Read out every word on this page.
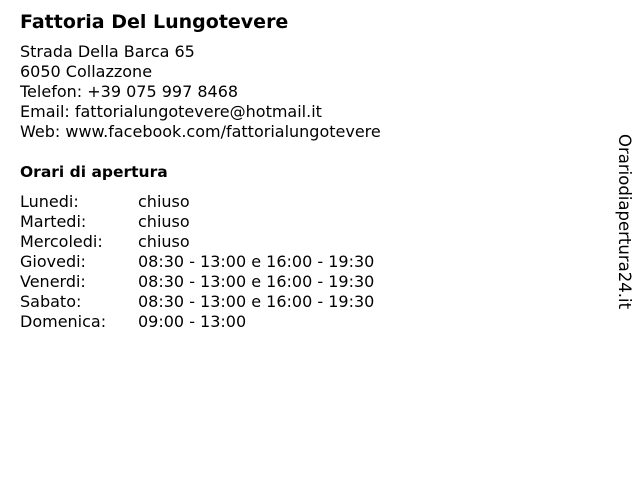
Fattoria Del Lungotevere
Strada Della Barca 65
6050 Collazzone
Telefon: +39 075 997 8468
Email: fattorialungotevere@hotmail.it
Web: www.facebook.com/fattorialungotevere
Orari di apertura
Lunedi:	chiuso
Martedi:	chiuso
Mercoledi:	chiuso
Giovedi:	08:30 - 13:00 e 16:00 - 19:30
Venerdi:	08:30 - 13:00 e 16:00 - 19:30
Sabato:	08:30 - 13:00 e 16:00 - 19:30
Domenica:	09:00 - 13:00
Orariodiapertura24.it
